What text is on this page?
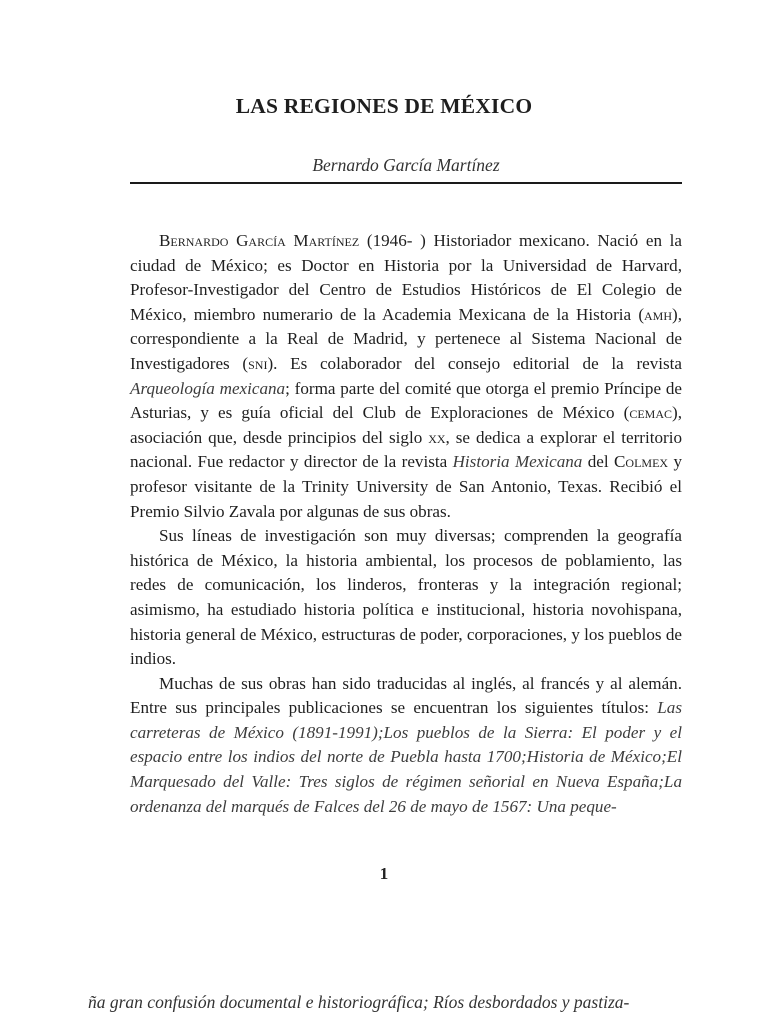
LAS REGIONES DE MÉXICO
Bernardo García Martínez

Bernardo García Martínez (1946- ) Historiador mexicano. Nació en la ciudad de México; es Doctor en Historia por la Universidad de Harvard, Profesor-Investigador del Centro de Estudios Históricos de El Colegio de México, miembro numerario de la Academia Mexicana de la Historia (amh), correspondiente a la Real de Madrid, y pertenece al Sistema Nacional de Investigadores (sni). Es colaborador del consejo editorial de la revista Arqueología mexicana; forma parte del comité que otorga el premio Príncipe de Asturias, y es guía oficial del Club de Exploraciones de México (cemac), asociación que, desde principios del siglo xx, se dedica a explorar el territorio nacional. Fue redactor y director de la revista Historia Mexicana del Colmex y profesor visitante de la Trinity University de San Antonio, Texas. Recibió el Premio Silvio Zavala por algunas de sus obras.

Sus líneas de investigación son muy diversas; comprenden la geografía histórica de México, la historia ambiental, los procesos de poblamiento, las redes de comunicación, los linderos, fronteras y la integración regional; asimismo, ha estudiado historia política e institucional, historia novohispana, historia general de México, estructuras de poder, corporaciones, y los pueblos de indios.

Muchas de sus obras han sido traducidas al inglés, al francés y al alemán. Entre sus principales publicaciones se encuentran los siguientes títulos: Las carreteras de México (1891-1991);Los pueblos de la Sierra: El poder y el espacio entre los indios del norte de Puebla hasta 1700;Historia de México;El Marquesado del Valle: Tres siglos de régimen señorial en Nueva España;La ordenanza del marqués de Falces del 26 de mayo de 1567: Una peque-

1
ña gran confusión documental e historiográfica; Ríos desbordados y pastiza-
